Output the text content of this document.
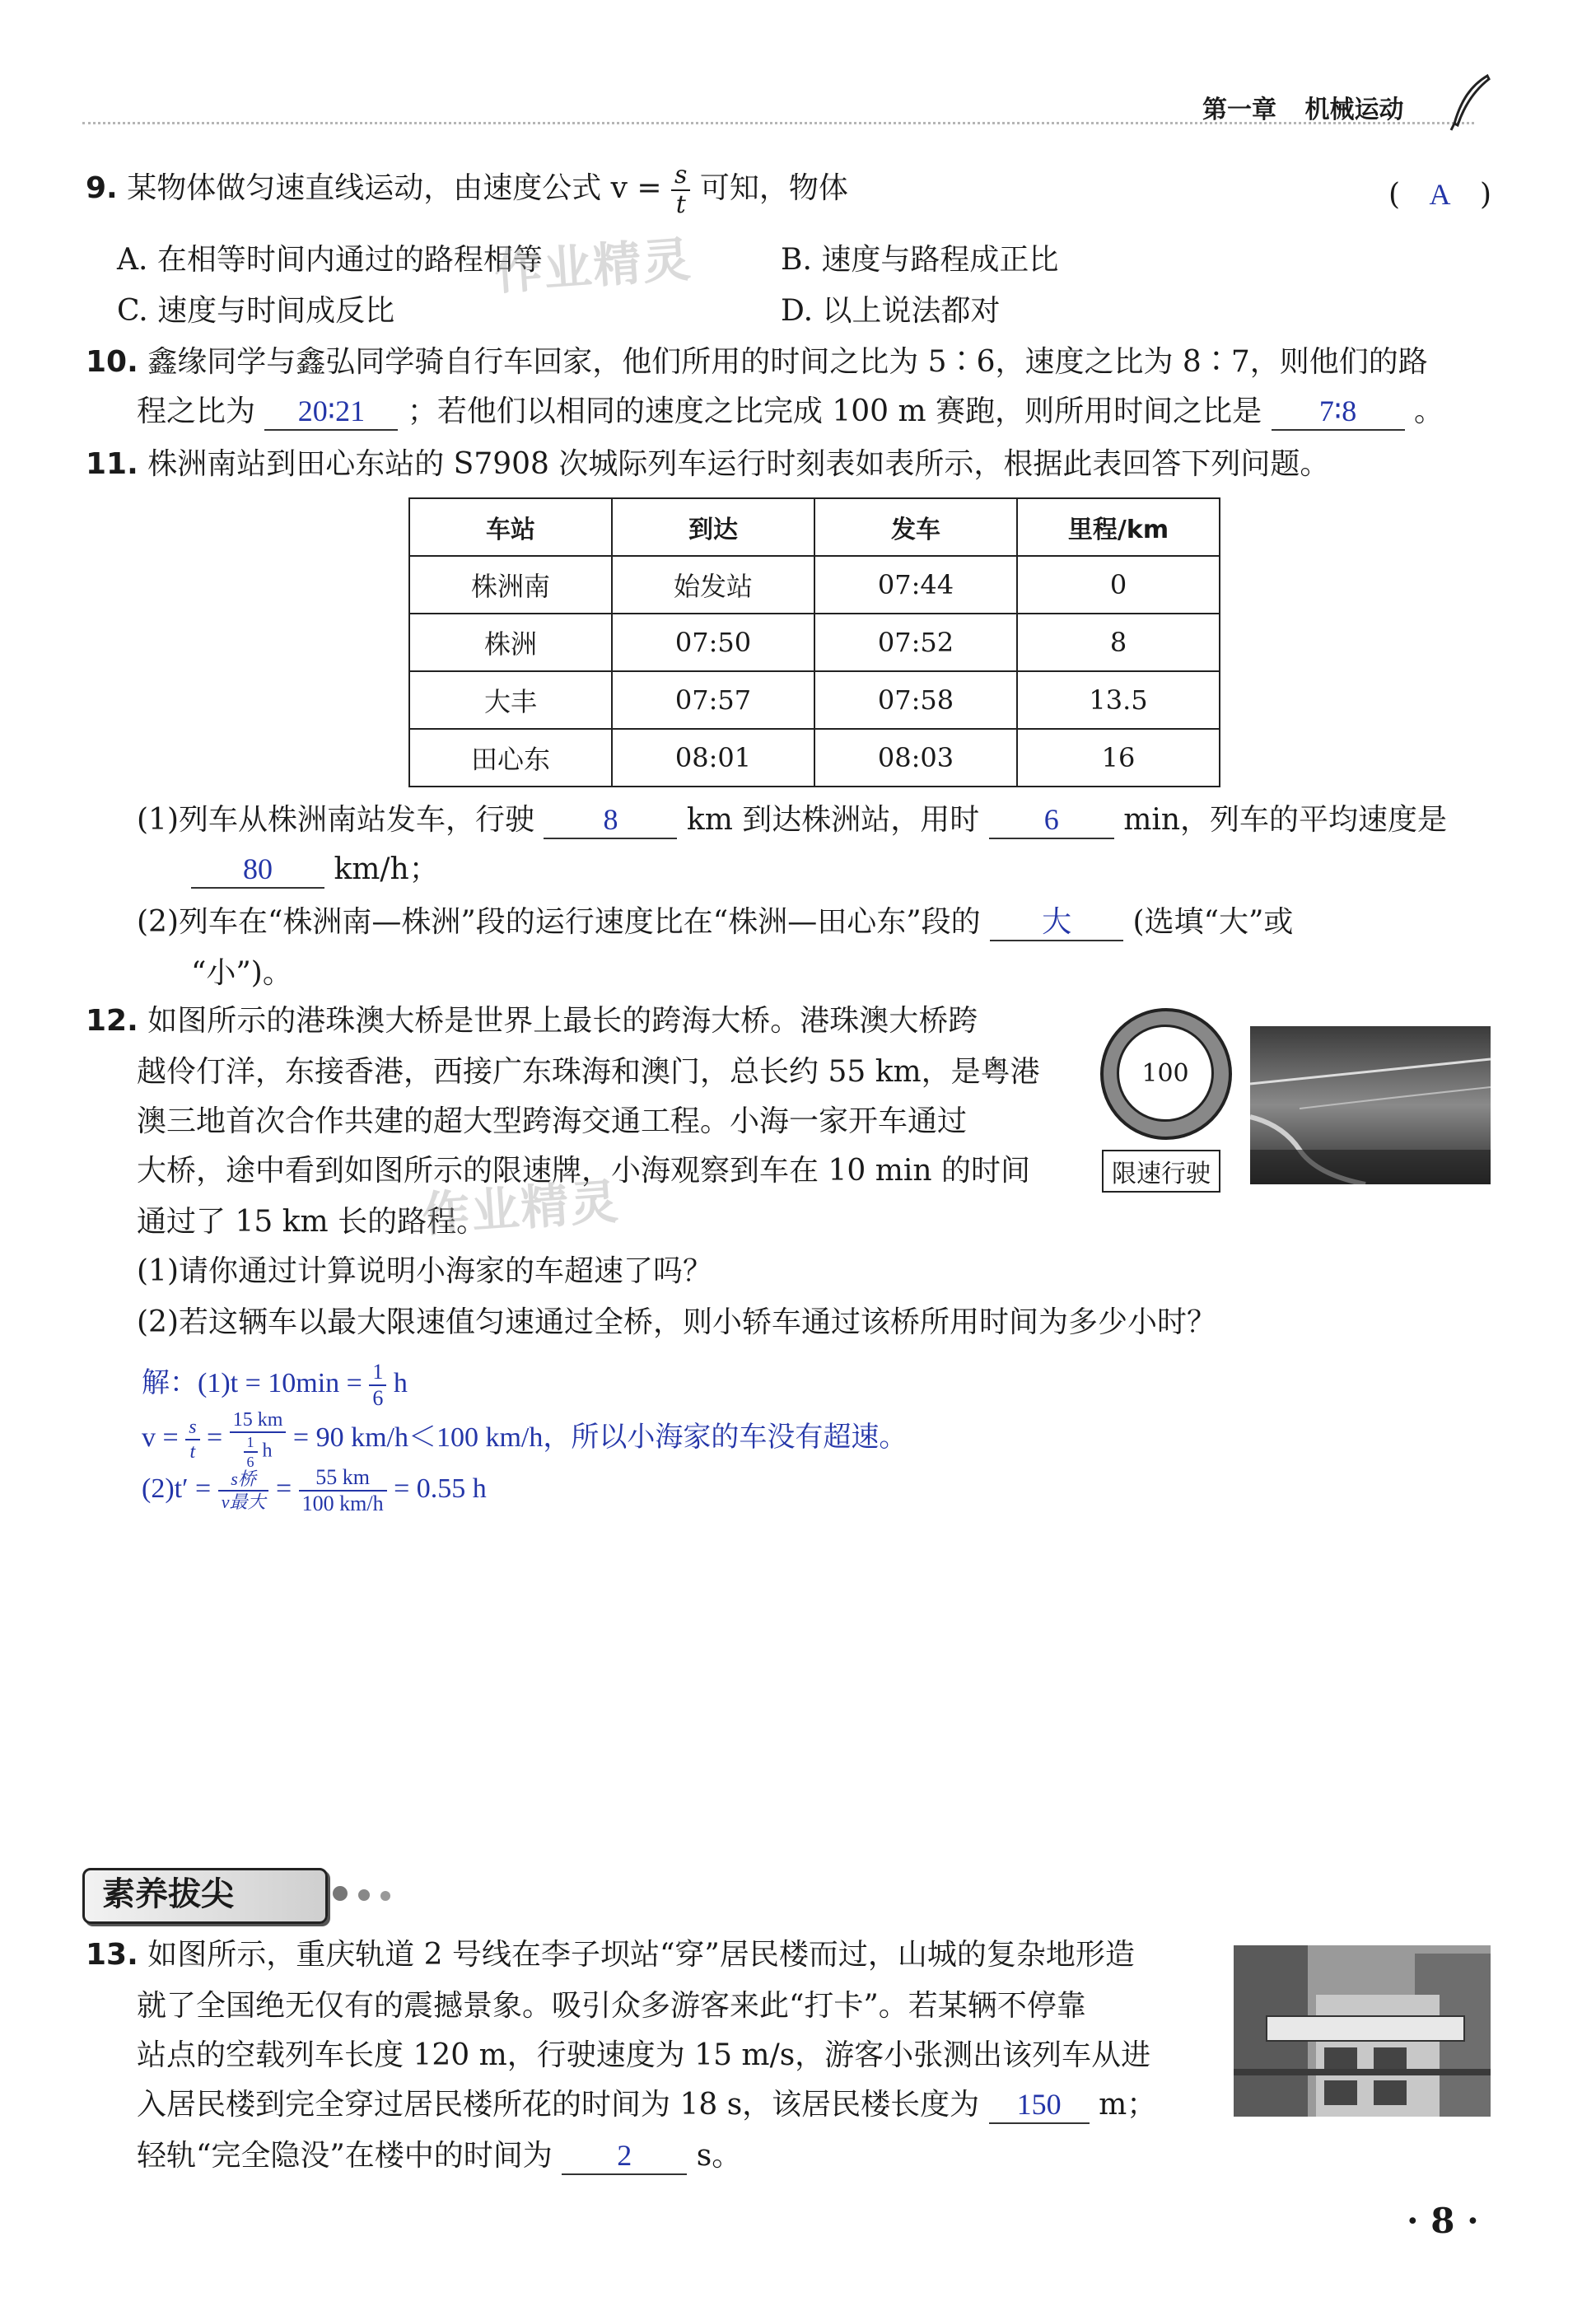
第一章 机械运动
9. 某物体做匀速直线运动，由速度公式 $v = \frac{s}{t}$ 可知，物体	( A )
A. 在相等时间内通过的路程相等	B. 速度与路程成正比
C. 速度与时间成反比	D. 以上说法都对
10. 鑫缘同学与鑫弘同学骑自行车回家，他们所用的时间之比为 5∶6，速度之比为 8∶7，则他们的路
程之比为 20∶21 ；若他们以相同的速度之比完成 100 m 赛跑，则所用时间之比是 7∶8 。
11. 株洲南站到田心东站的 S7908 次城际列车运行时刻表如表所示，根据此表回答下列问题。
车站	到达	发车	里程/km
株洲南	始发站	07:44	0
株洲	07:50	07:52	8
大丰	07:57	07:58	13.5
田心东	08:01	08:03	16
(1)列车从株洲南站发车，行驶 8 km 到达株洲站，用时 6 min，列车的平均速度是
80 km/h；
(2)列车在“株洲南—株洲”段的运行速度比在“株洲—田心东”段的 大 (选填“大”或
“小”)。
12. 如图所示的港珠澳大桥是世界上最长的跨海大桥。港珠澳大桥跨
越伶仃洋，东接香港，西接广东珠海和澳门，总长约 55 km，是粤港
澳三地首次合作共建的超大型跨海交通工程。小海一家开车通过
大桥，途中看到如图所示的限速牌，小海观察到车在 10 min 的时间
通过了 15 km 长的路程。
100
限速行驶
(1)请你通过计算说明小海家的车超速了吗？
(2)若这辆车以最大限速值匀速通过全桥，则小轿车通过该桥所用时间为多少小时？
解：$(1)t = 10\min = \frac{1}{6}$ h
$v = \frac{s}{t} = \frac{15 km}{\frac{1}{6} h} = 90$ km/h＜100 km/h，所以小海家的车没有超速。
$(2)t' = \frac{\text{s桥}}{\text{v最大}} = \frac{55 km}{100 km/h} = 0.55$ h
素养拔尖

13. 如图所示，重庆轨道 2 号线在李子坝站“穿”居民楼而过，山城的复杂地形造
就了全国绝无仅有的震撼景象。吸引众多游客来此“打卡”。若某辆不停靠
站点的空载列车长度 120 m，行驶速度为 15 m/s，游客小张测出该列车从进
入居民楼到完全穿过居民楼所花的时间为 18 s，该居民楼长度为 150 m；
轻轨“完全隐没”在楼中的时间为 2 s。
作业精灵
作业精灵
· 8 ·
